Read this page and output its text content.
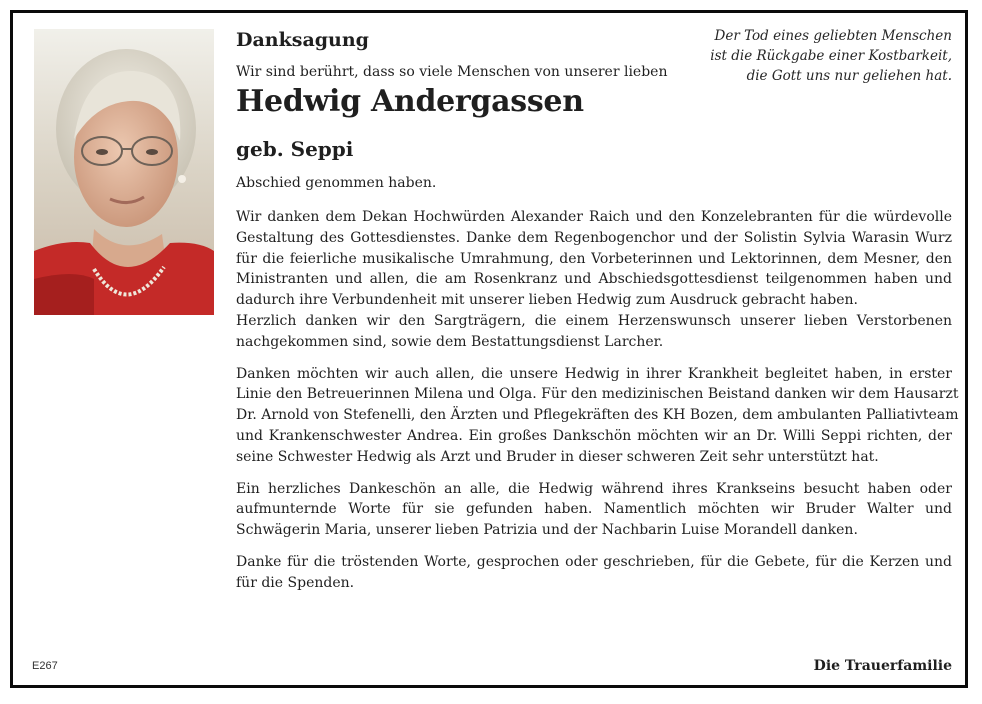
Der Tod eines geliebten Menschen
ist die Rückgabe einer Kostbarkeit,
die Gott uns nur geliehen hat.
Danksagung
Wir sind berührt, dass so viele Menschen von unserer lieben
Hedwig Andergassen
geb. Seppi
Abschied genommen haben.

Wir danken dem Dekan Hochwürden Alexander Raich und den Konzelebranten für die würdevolle
Gestaltung des Gottesdienstes. Danke dem Regenbogenchor und der Solistin Sylvia Warasin Wurz
für die feierliche musikalische Umrahmung, den Vorbeterinnen und Lektorinnen, dem Mesner, den
Ministranten und allen, die am Rosenkranz und Abschiedsgottesdienst teilgenommen haben und
dadurch ihre Verbundenheit mit unserer lieben Hedwig zum Ausdruck gebracht haben.
Herzlich danken wir den Sargträgern, die einem Herzenswunsch unserer lieben Verstorbenen
nachgekommen sind, sowie dem Bestattungsdienst Larcher.

Danken möchten wir auch allen, die unsere Hedwig in ihrer Krankheit begleitet haben, in erster
Linie den Betreuerinnen Milena und Olga. Für den medizinischen Beistand danken wir dem Hausarzt
Dr. Arnold von Stefenelli, den Ärzten und Pflegekräften des KH Bozen, dem ambulanten Palliativteam
und Krankenschwester Andrea. Ein großes Dankschön möchten wir an Dr. Willi Seppi richten, der
seine Schwester Hedwig als Arzt und Bruder in dieser schweren Zeit sehr unterstützt hat.

Ein herzliches Dankeschön an alle, die Hedwig während ihres Krankseins besucht haben oder
aufmunternde Worte für sie gefunden haben. Namentlich möchten wir Bruder Walter und
Schwägerin Maria, unserer lieben Patrizia und der Nachbarin Luise Morandell danken.

Danke für die tröstenden Worte, gesprochen oder geschrieben, für die Gebete, für die Kerzen und
für die Spenden.

E267	Die Trauerfamilie
